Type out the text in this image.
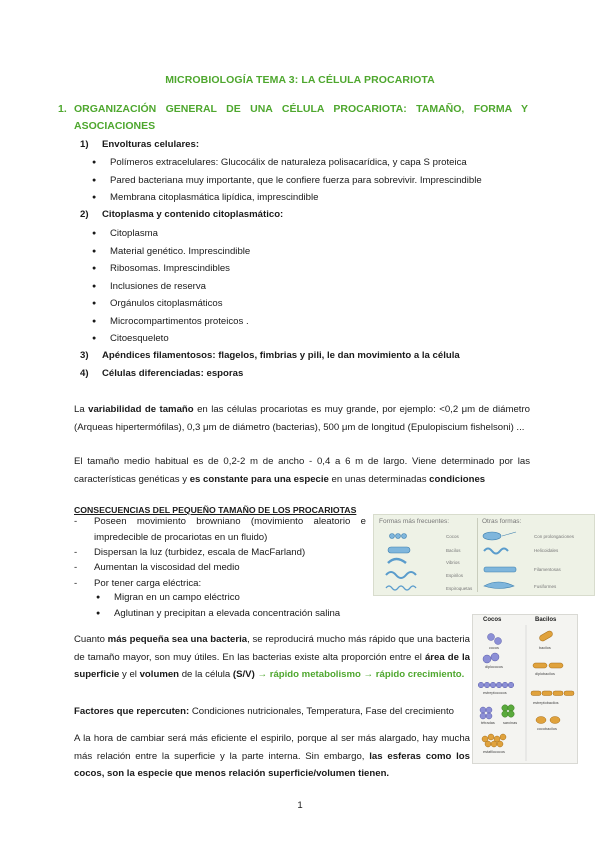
MICROBIOLOGÍA TEMA 3: LA CÉLULA PROCARIOTA
1. ORGANIZACIÓN GENERAL DE UNA CÉLULA PROCARIOTA: TAMAÑO, FORMA Y ASOCIACIONES
1) Envolturas celulares:
● Polímeros extracelulares: Glucocálix de naturaleza polisacarídica, y capa S proteica
● Pared bacteriana muy importante, que le confiere fuerza para sobrevivir. Imprescindible
● Membrana citoplasmática lipídica, imprescindible
2) Citoplasma y contenido citoplasmático:
● Citoplasma
● Material genético. Imprescindible
● Ribosomas. Imprescindibles
● Inclusiones de reserva
● Orgánulos citoplasmáticos
● Microcompartimentos proteicos .
● Citoesqueleto
3) Apéndices filamentosos: flagelos, fimbrias y pili, le dan movimiento a la célula
4) Células diferenciadas: esporas
La variabilidad de tamaño en las células procariotas es muy grande, por ejemplo: <0,2 μm de diámetro (Arqueas hipertermófilas), 0,3 μm de diámetro (bacterias), 500 μm de longitud (Epulopiscium fishelsoni) ...
El tamaño medio habitual es de 0,2-2 m de ancho - 0,4 a 6 m de largo. Viene determinado por las características genéticas y es constante para una especie en unas determinadas condiciones
CONSECUENCIAS DEL PEQUEÑO TAMAÑO DE LOS PROCARIOTAS
- Poseen movimiento browniano (movimiento aleatorio e impredecible de procariotas en un fluido)
- Dispersan la luz (turbidez, escala de MacFarland)
- Aumentan la viscosidad del medio
- Por tener carga eléctrica:
● Migran en un campo eléctrico
● Aglutinan y precipitan a elevada concentración salina
Formas más frecuentes:	Otras formas:
Cocos
Bacilos
Vibrios
Espirilos
Espiroquetas
Con prolongaciones
Helicoidales
Filamentosas
Fusiformes
Cuanto más pequeña sea una bacteria, se reproducirá mucho más rápido que una bacteria de tamaño mayor, son muy útiles. En las bacterias existe alta proporción entre el área de la superficie y el volumen de la célula (S/V) → rápido metabolismo → rápido crecimiento.
Factores que repercuten: Condiciones nutricionales, Temperatura, Fase del crecimiento
A la hora de cambiar será más eficiente el espirilo, porque al ser más alargado, hay mucha más relación entre la superficie y la parte interna. Sin embargo, las esferas como los cocos, son la especie que menos relación superficie/volumen tienen.
Cocos	Bacilos
cocos
diplococos
estreptococos
tétradas sarcinas
estafilococos
bacilos
diplobacilos
estreptobacilos
cocobacilos
1
